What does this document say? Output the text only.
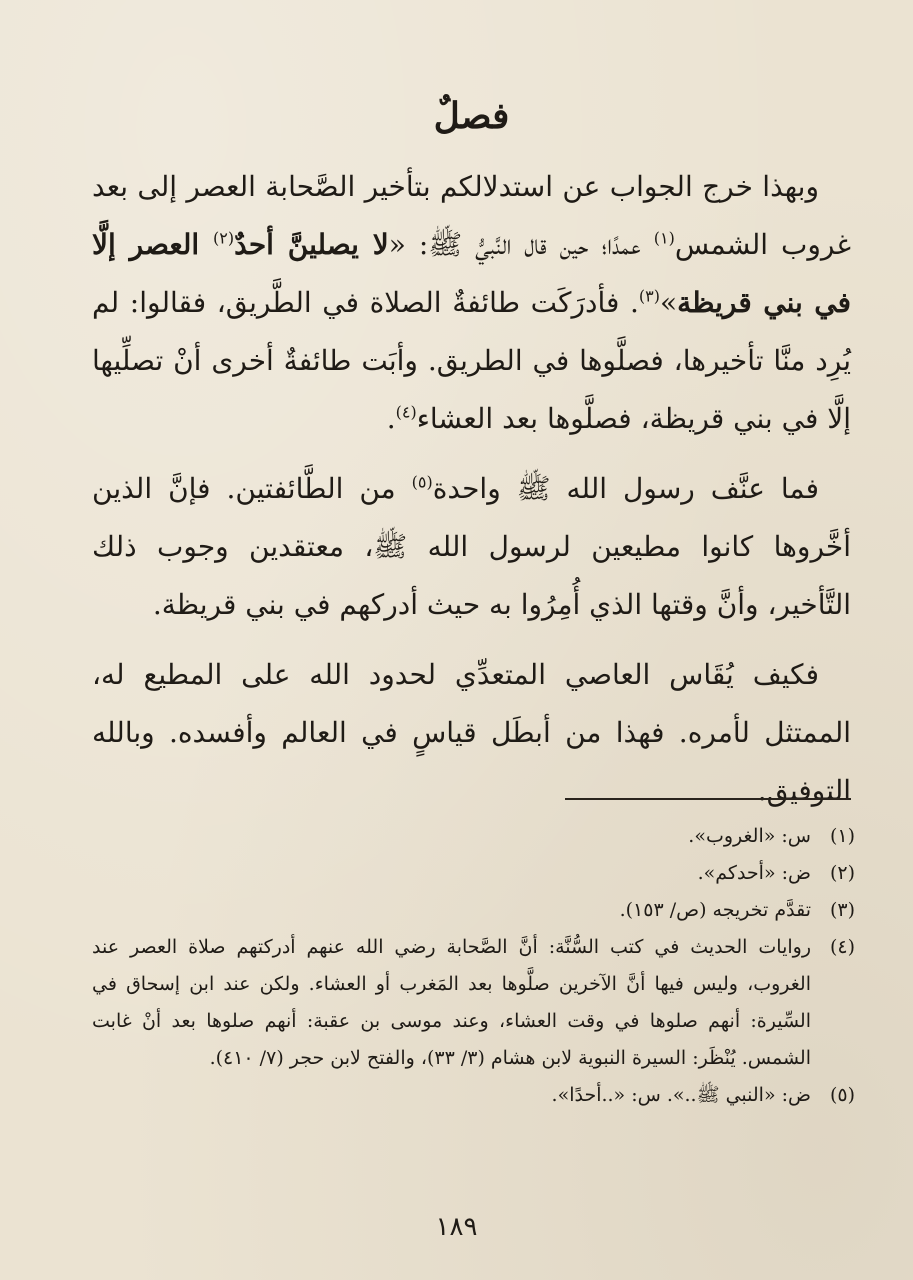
فصلٌ

وبهذا خرج الجواب عن استدلالكم بتأخير الصَّحابة العصر إلى بعد غروب الشمس$^{(١)}$ عمدًا؛ حين قال النَّبيُّ ﷺ: «لا يصلينَّ أحدٌ$^{(٢)}$ العصر إلَّا في بني قريظة»$^{(٣)}$. فأدرَكَت طائفةٌ الصلاة في الطَّريق، فقالوا: لم يُرِد منَّا تأخيرها، فصلَّوها في الطريق. وأبَت طائفةٌ أخرى أنْ تصلِّيها إلَّا في بني قريظة، فصلَّوها بعد العشاء$^{(٤)}$.

فما عنَّف رسول الله ﷺ واحدة$^{(٥)}$ من الطَّائفتين. فإنَّ الذين أخَّروها كانوا مطيعين لرسول الله ﷺ، معتقدين وجوب ذلك التَّأخير، وأنَّ وقتها الذي أُمِرُوا به حيث أدركهم في بني قريظة.

فكيف يُقَاس العاصي المتعدِّي لحدود الله على المطيع له، الممتثل لأمره. فهذا من أبطَل قياسٍ في العالم وأفسده. وبالله التوفيق.

(١)
س: «الغروب».
(٢)
ض: «أحدكم».
(٣)
تقدَّم تخريجه (ص/ ١٥٣).
(٤)
روايات الحديث في كتب السُّنَّة: أنَّ الصَّحابة رضي الله عنهم أدركتهم صلاة العصر عند الغروب، وليس فيها أنَّ الآخرين صلَّوها بعد المَغرب أو العشاء. ولكن عند ابن إسحاق في السِّيرة: أنهم صلوها في وقت العشاء، وعند موسى بن عقبة: أنهم صلوها بعد أنْ غابت الشمس. يُنْظَر: السيرة النبوية لابن هشام (٣/ ٣٣)، والفتح لابن حجر (٧/ ٤١٠).
(٥)
ض: «النبي ﷺ..». س: «..أحدًا».
١٨٩
